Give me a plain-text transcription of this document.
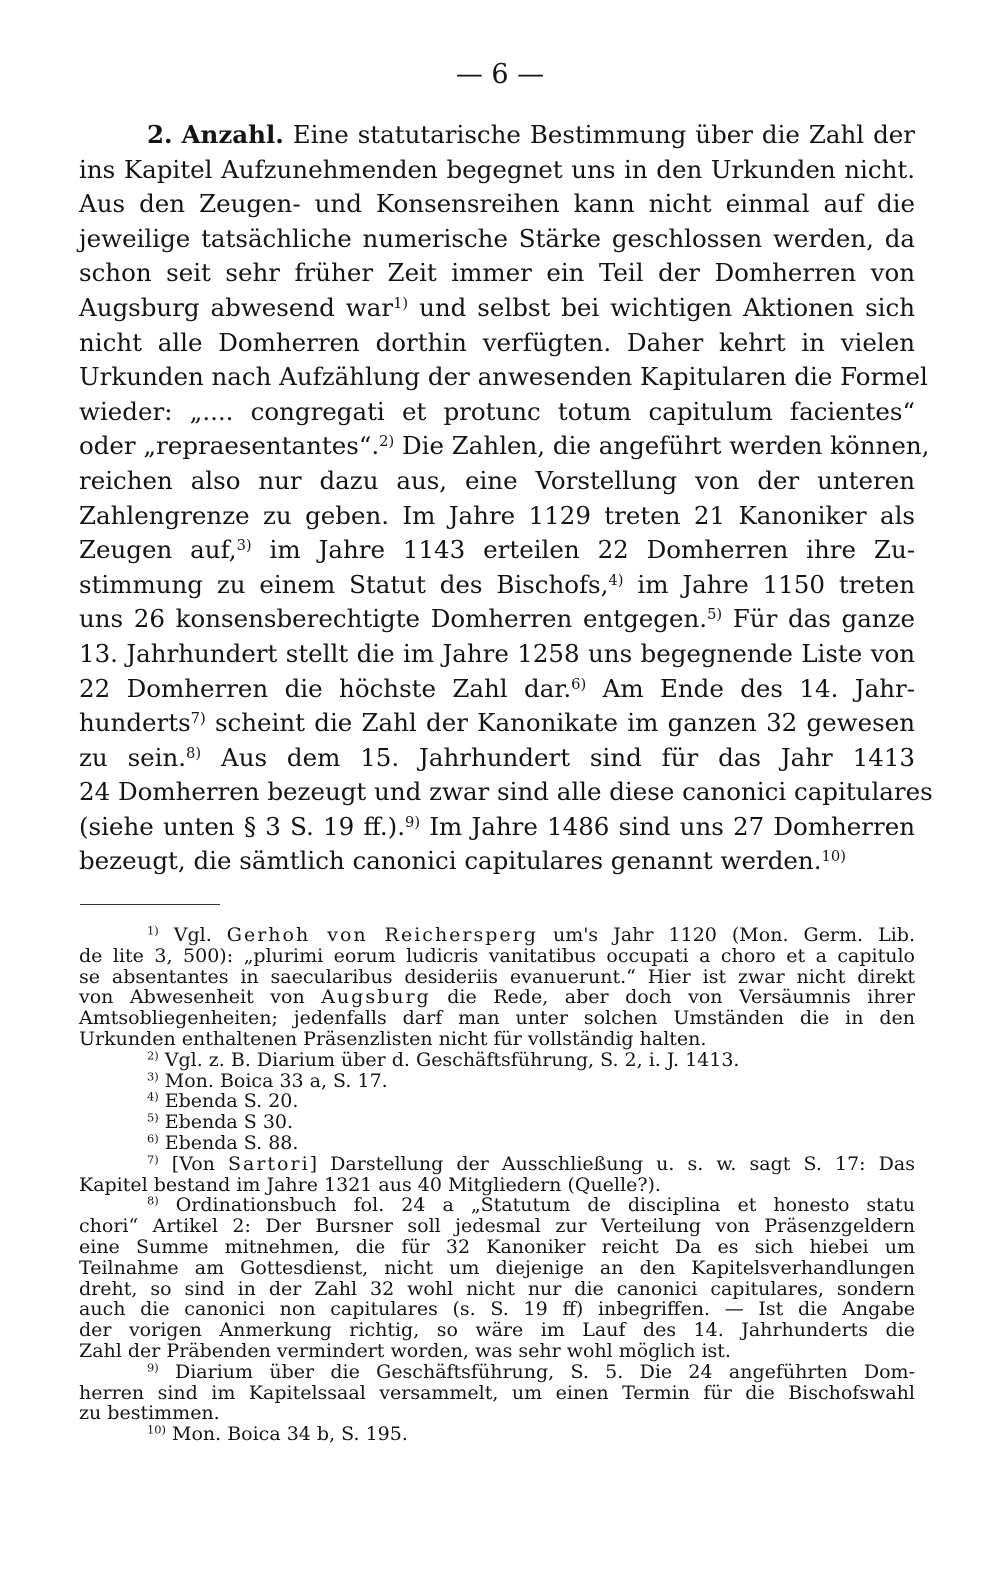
— 6 —
2. Anzahl. Eine statutarische Bestimmung über die Zahl der
ins Kapitel Aufzunehmenden begegnet uns in den Urkunden nicht.
Aus den Zeugen- und Konsensreihen kann nicht einmal auf die
jeweilige tatsächliche numerische Stärke geschlossen werden, da
schon seit sehr früher Zeit immer ein Teil der Domherren von
Augsburg abwesend war$^{1)}$ und selbst bei wichtigen Aktionen sich
nicht alle Domherren dorthin verfügten. Daher kehrt in vielen
Urkunden nach Aufzählung der anwesenden Kapitularen die Formel
wieder: „.... congregati et protunc totum capitulum facientes“
oder „repraesentantes“.$^{2)}$ Die Zahlen, die angeführt werden können,
reichen also nur dazu aus, eine Vorstellung von der unteren
Zahlengrenze zu geben. Im Jahre 1129 treten 21 Kanoniker als
Zeugen auf,$^{3)}$ im Jahre 1143 erteilen 22 Domherren ihre Zu-
stimmung zu einem Statut des Bischofs,$^{4)}$ im Jahre 1150 treten
uns 26 konsensberechtigte Domherren entgegen.$^{5)}$ Für das ganze
13. Jahrhundert stellt die im Jahre 1258 uns begegnende Liste von
22 Domherren die höchste Zahl dar.$^{6)}$ Am Ende des 14. Jahr-
hunderts$^{7)}$ scheint die Zahl der Kanonikate im ganzen 32 gewesen
zu sein.$^{8)}$ Aus dem 15. Jahrhundert sind für das Jahr 1413
24 Domherren bezeugt und zwar sind alle diese canonici capitulares
(siehe unten § 3 S. 19 ff.).$^{9)}$ Im Jahre 1486 sind uns 27 Domherren
bezeugt, die sämtlich canonici capitulares genannt werden.$^{10)}$
$^{1)}$ Vgl. Gerhoh von Reichersperg um's Jahr 1120 (Mon. Germ. Lib.
de lite 3, 500): „plurimi eorum ludicris vanitatibus occupati a choro et a capitulo
se absentantes in saecularibus desideriis evanuerunt.“ Hier ist zwar nicht direkt
von Abwesenheit von Augsburg die Rede, aber doch von Versäumnis ihrer
Amtsobliegenheiten; jedenfalls darf man unter solchen Umständen die in den
Urkunden enthaltenen Präsenzlisten nicht für vollständig halten.
$^{2)}$ Vgl. z. B. Diarium über d. Geschäftsführung, S. 2, i. J. 1413.
$^{3)}$ Mon. Boica 33 a, S. 17.
$^{4)}$ Ebenda S. 20.
$^{5)}$ Ebenda S 30.
$^{6)}$ Ebenda S. 88.
$^{7)}$ [Von Sartori] Darstellung der Ausschließung u. s. w. sagt S. 17: Das
Kapitel bestand im Jahre 1321 aus 40 Mitgliedern (Quelle?).
$^{8)}$ Ordinationsbuch fol. 24 a „Statutum de disciplina et honesto statu
chori“ Artikel 2: Der Bursner soll jedesmal zur Verteilung von Präsenzgeldern
eine Summe mitnehmen, die für 32 Kanoniker reicht Da es sich hiebei um
Teilnahme am Gottesdienst, nicht um diejenige an den Kapitelsverhandlungen
dreht, so sind in der Zahl 32 wohl nicht nur die canonici capitulares, sondern
auch die canonici non capitulares (s. S. 19 ff) inbegriffen. — Ist die Angabe
der vorigen Anmerkung richtig, so wäre im Lauf des 14. Jahrhunderts die
Zahl der Präbenden vermindert worden, was sehr wohl möglich ist.
$^{9)}$ Diarium über die Geschäftsführung, S. 5. Die 24 angeführten Dom-
herren sind im Kapitelssaal versammelt, um einen Termin für die Bischofswahl
zu bestimmen.
$^{10)}$ Mon. Boica 34 b, S. 195.
